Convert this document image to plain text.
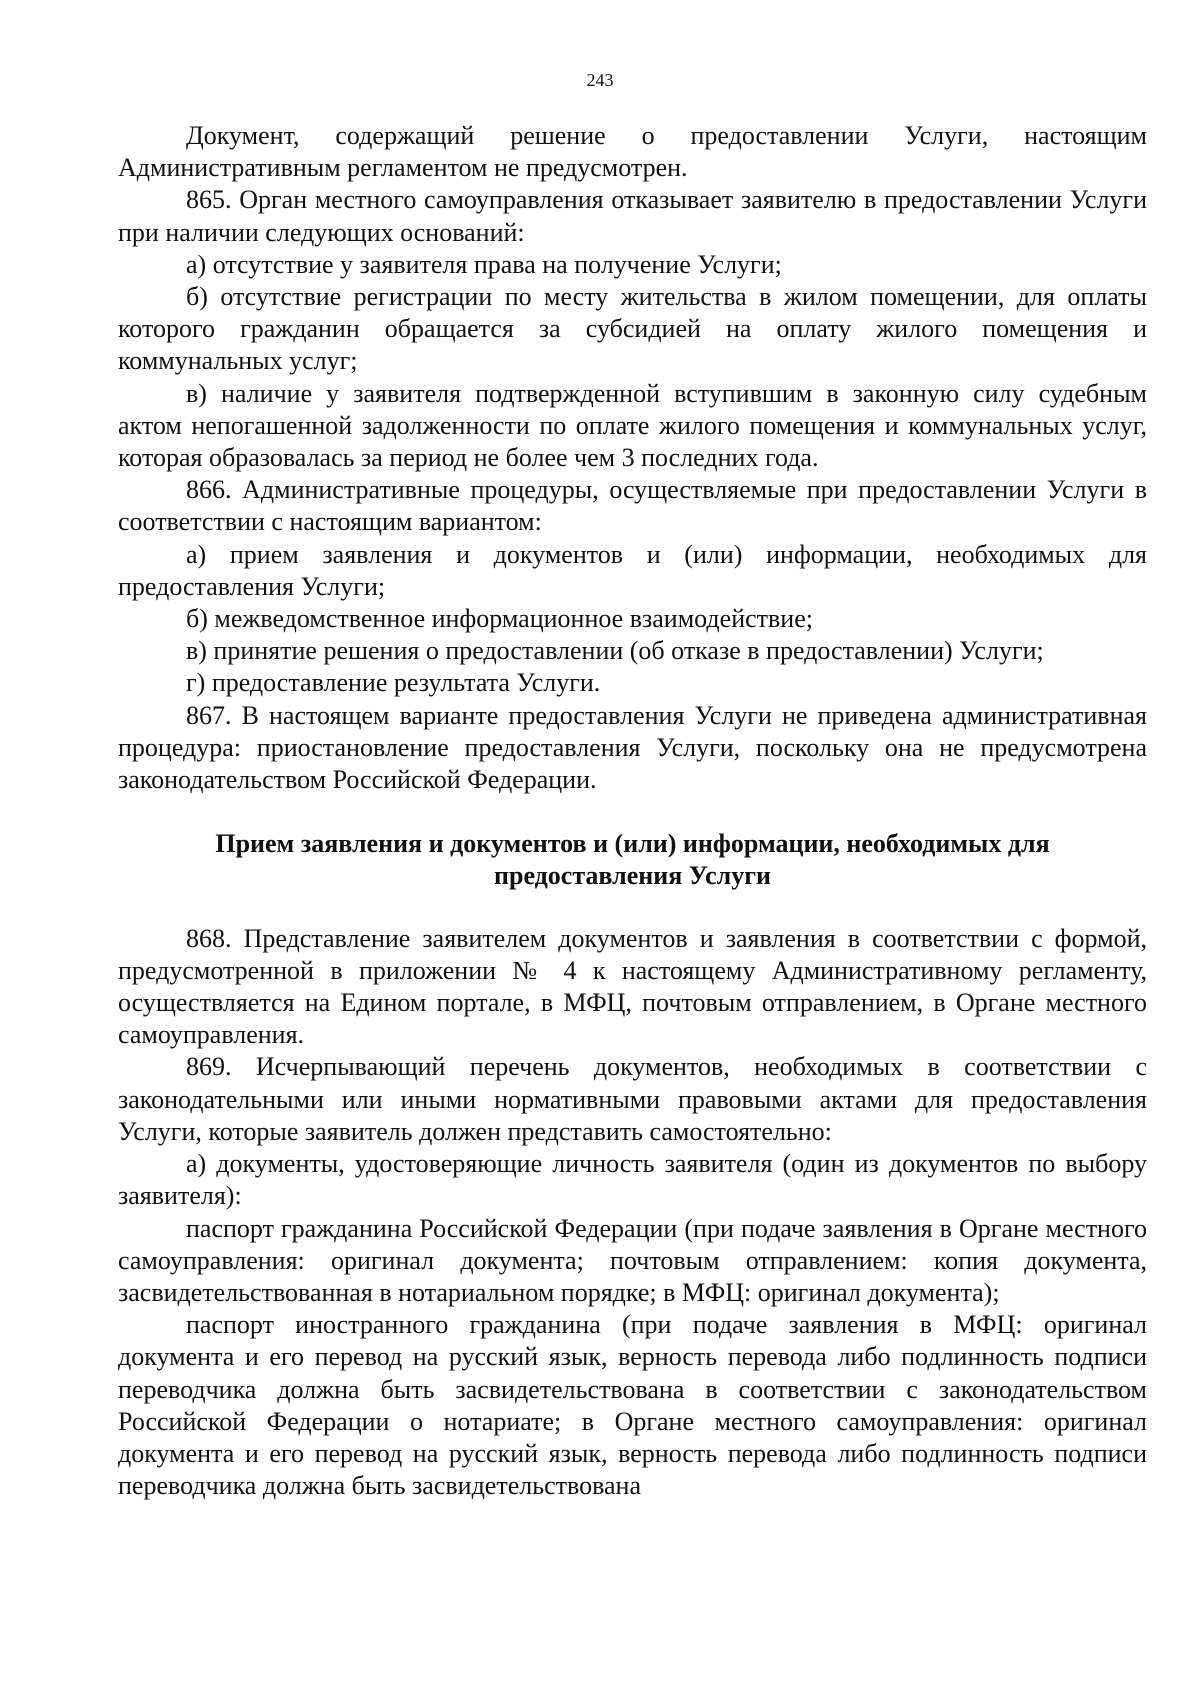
243

Документ, содержащий решение о предоставлении Услуги, настоящим Административным регламентом не предусмотрен.

865. Орган местного самоуправления отказывает заявителю в предоставлении Услуги при наличии следующих оснований:

а) отсутствие у заявителя права на получение Услуги;

б) отсутствие регистрации по месту жительства в жилом помещении, для оплаты которого гражданин обращается за субсидией на оплату жилого помещения и коммунальных услуг;

в) наличие у заявителя подтвержденной вступившим в законную силу судебным актом непогашенной задолженности по оплате жилого помещения и коммунальных услуг, которая образовалась за период не более чем 3 последних года.

866. Административные процедуры, осуществляемые при предоставлении Услуги в соответствии с настоящим вариантом:

а) прием заявления и документов и (или) информации, необходимых для предоставления Услуги;

б) межведомственное информационное взаимодействие;

в) принятие решения о предоставлении (об отказе в предоставлении) Услуги;

г) предоставление результата Услуги.

867. В настоящем варианте предоставления Услуги не приведена административная процедура: приостановление предоставления Услуги, поскольку она не предусмотрена законодательством Российской Федерации.

Прием заявления и документов и (или) информации, необходимых для предоставления Услуги

868. Представление заявителем документов и заявления в соответствии с формой, предусмотренной в приложении № 4 к настоящему Административному регламенту, осуществляется на Едином портале, в МФЦ, почтовым отправлением, в Органе местного самоуправления.

869. Исчерпывающий перечень документов, необходимых в соответствии с законодательными или иными нормативными правовыми актами для предоставления Услуги, которые заявитель должен представить самостоятельно:

а) документы, удостоверяющие личность заявителя (один из документов по выбору заявителя):

паспорт гражданина Российской Федерации (при подаче заявления в Органе местного самоуправления: оригинал документа; почтовым отправлением: копия документа, засвидетельствованная в нотариальном порядке; в МФЦ: оригинал документа);

паспорт иностранного гражданина (при подаче заявления в МФЦ: оригинал документа и его перевод на русский язык, верность перевода либо подлинность подписи переводчика должна быть засвидетельствована в соответствии с законодательством Российской Федерации о нотариате; в Органе местного самоуправления: оригинал документа и его перевод на русский язык, верность перевода либо подлинность подписи переводчика должна быть засвидетельствована
